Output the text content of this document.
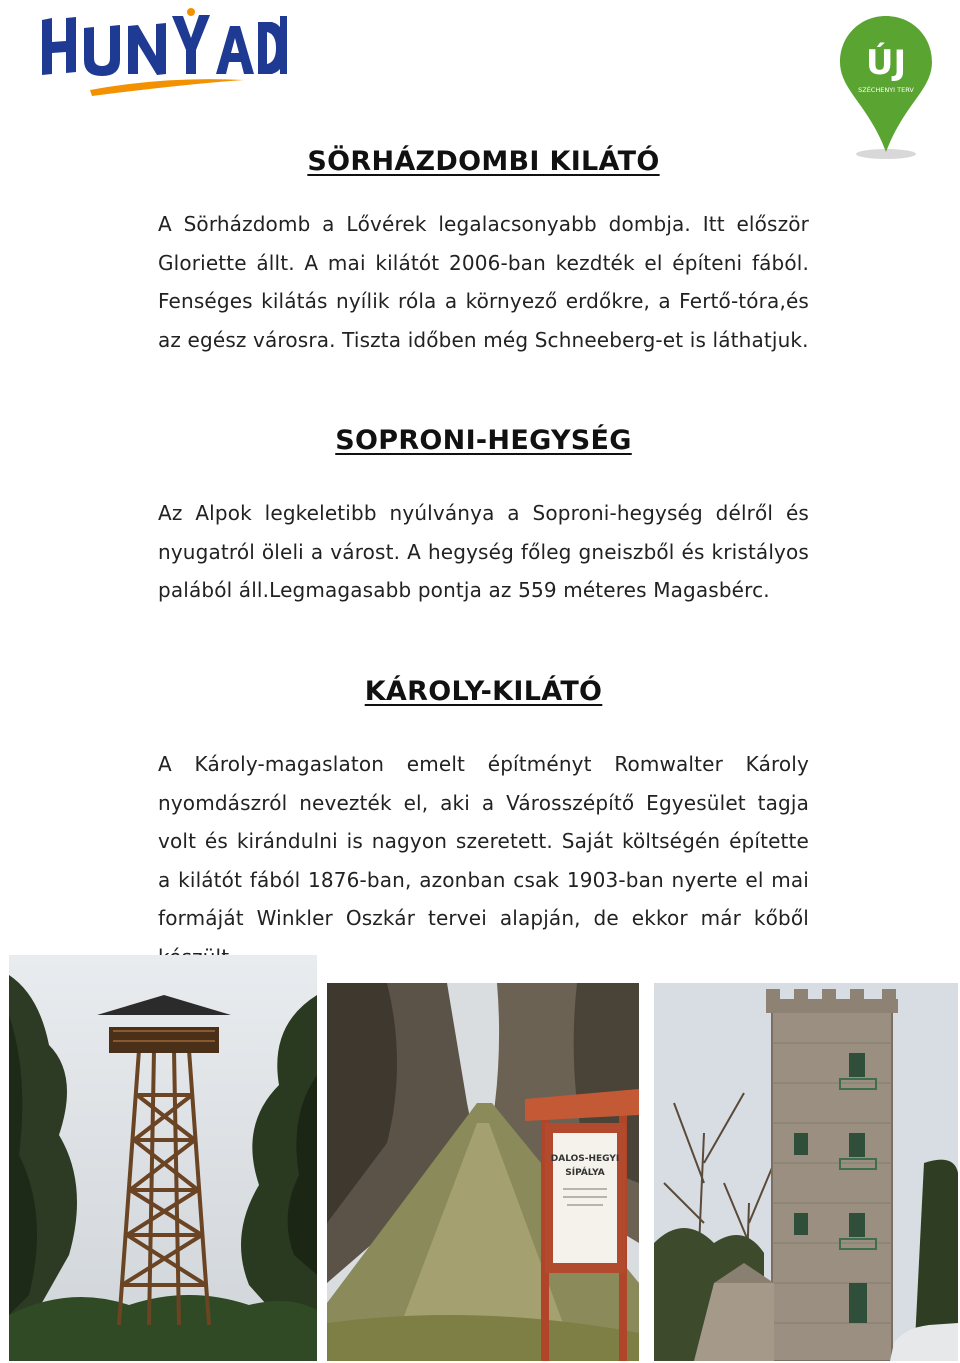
ÚJ
SZÉCHENYI TERV
SÖRHÁZDOMBI KILÁTÓ

A Sörházdomb a Lővérek legalacsonyabb dombja. Itt először Gloriette állt. A mai kilátót 2006-ban kezdték el építeni fából. Fenséges kilátás nyílik róla a környező erdőkre, a Fertő-tóra,és az egész városra. Tiszta időben még Schneeberg-et is láthatjuk.

SOPRONI-HEGYSÉG

Az Alpok legkeletibb nyúlványa a Soproni-hegység délről és nyugatról öleli a várost. A hegység főleg gneiszből és kristályos palából áll.Legmagasabb pontja az 559 méteres Magasbérc.

KÁROLY-KILÁTÓ

A Károly-magaslaton emelt építményt Romwalter Károly nyomdászról nevezték el, aki a Városszépítő Egyesület tagja volt és kirándulni is nagyon szeretett. Saját költségén építette a kilátót fából 1876-ban, azonban csak 1903-ban nyerte el mai formáját Winkler Oszkár tervei alapján, de ekkor már kőből

DALOS-HEGYI
SÍPÁLYA
